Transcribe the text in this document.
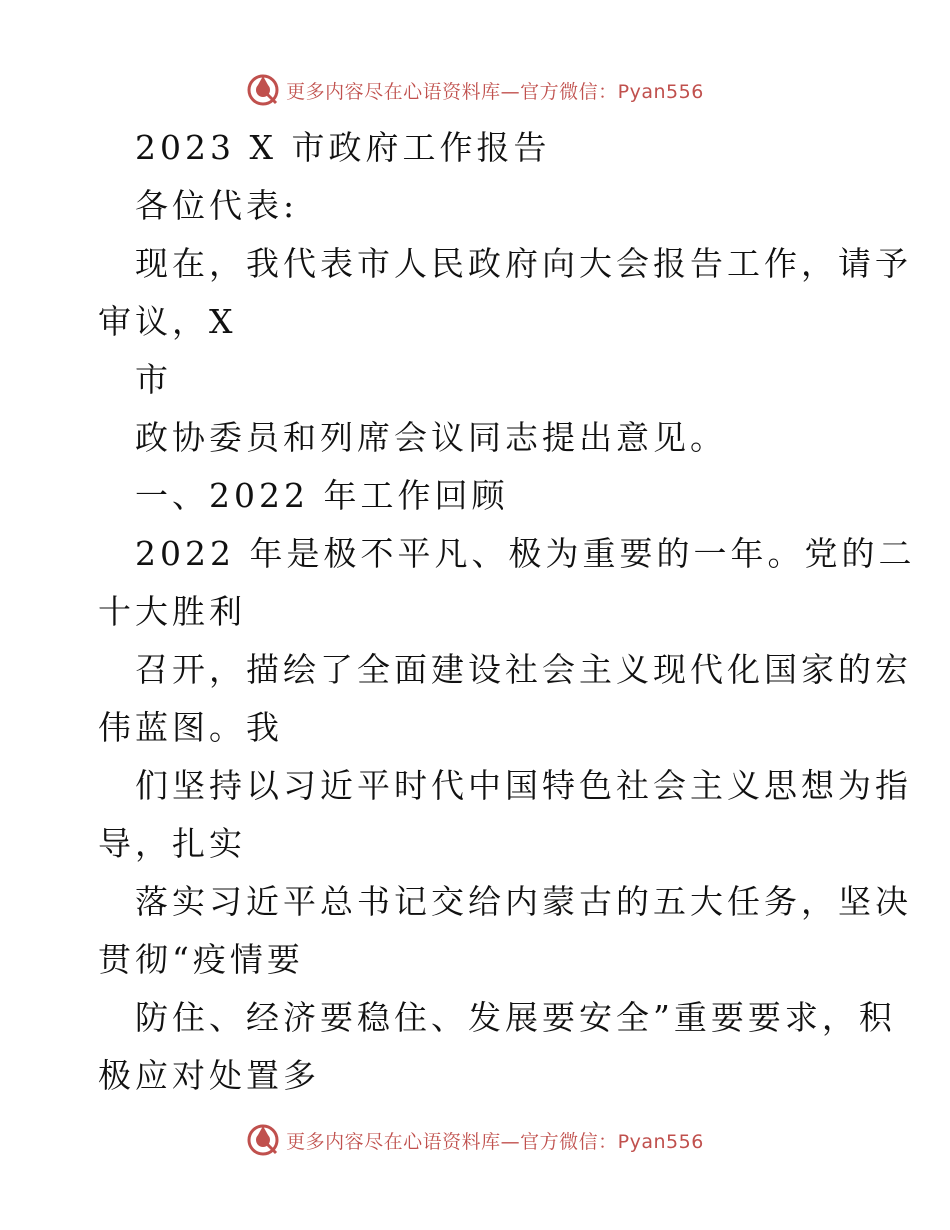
更多内容尽在心语资料库—官方微信：Pyan556
2023 X 市政府工作报告
各位代表:
现在，我代表市人民政府向大会报告工作，请予
审议，X
市
政协委员和列席会议同志提出意见。
一、2022 年工作回顾
2022 年是极不平凡、极为重要的一年。党的二
十大胜利
召开，描绘了全面建设社会主义现代化国家的宏
伟蓝图。我
们坚持以习近平时代中国特色社会主义思想为指
导，扎实
落实习近平总书记交给内蒙古的五大任务，坚决
贯彻“疫情要
防住、经济要稳住、发展要安全”重要要求，积
极应对处置多
更多内容尽在心语资料库—官方微信：Pyan556
